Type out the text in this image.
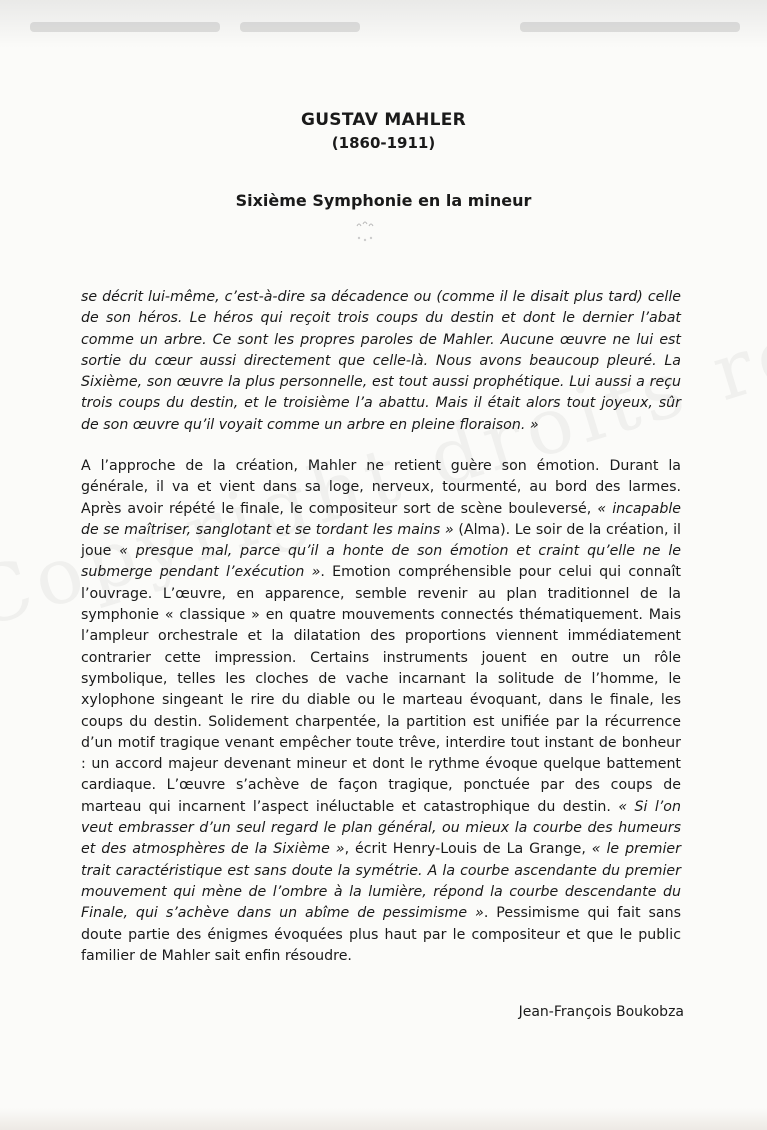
GUSTAV MAHLER
(1860-1911)
Sixième Symphonie en la mineur
se décrit lui-même, c’est-à-dire sa décadence ou (comme il le disait plus tard) celle de son héros. Le héros qui reçoit trois coups du destin et dont le dernier l’abat comme un arbre. Ce sont les propres paroles de Mahler. Aucune œuvre ne lui est sortie du cœur aussi directement que celle-là. Nous avons beaucoup pleuré. La Sixième, son œuvre la plus personnelle, est tout aussi prophétique. Lui aussi a reçu trois coups du destin, et le troisième l’a abattu. Mais il était alors tout joyeux, sûr de son œuvre qu’il voyait comme un arbre en pleine floraison. »
A l’approche de la création, Mahler ne retient guère son émotion. Durant la générale, il va et vient dans sa loge, nerveux, tourmenté, au bord des larmes. Après avoir répété le finale, le compositeur sort de scène bouleversé, « incapable de se maîtriser, sanglotant et se tordant les mains » (Alma). Le soir de la création, il joue « presque mal, parce qu’il a honte de son émotion et craint qu’elle ne le submerge pendant l’exécution ». Emotion compréhensible pour celui qui connaît l’ouvrage. L’œuvre, en apparence, semble revenir au plan traditionnel de la symphonie « classique » en quatre mouvements connectés thématiquement. Mais l’ampleur orchestrale et la dilatation des proportions viennent immédiatement contrarier cette impression. Certains instruments jouent en outre un rôle symbolique, telles les cloches de vache incarnant la solitude de l’homme, le xylophone singeant le rire du diable ou le marteau évoquant, dans le finale, les coups du destin. Solidement charpentée, la partition est unifiée par la récurrence d’un motif tragique venant empêcher toute trêve, interdire tout instant de bonheur : un accord majeur devenant mineur et dont le rythme évoque quelque battement cardiaque. L’œuvre s’achève de façon tragique, ponctuée par des coups de marteau qui incarnent l’aspect inéluctable et catastrophique du destin. « Si l’on veut embrasser d’un seul regard le plan général, ou mieux la courbe des humeurs et des atmosphères de la Sixième », écrit Henry-Louis de La Grange, « le premier trait caractéristique est sans doute la symétrie. A la courbe ascendante du premier mouvement qui mène de l’ombre à la lumière, répond la courbe descendante du Finale, qui s’achève dans un abîme de pessimisme ». Pessimisme qui fait sans doute partie des énigmes évoquées plus haut par le compositeur et que le public familier de Mahler sait enfin résoudre.
Jean-François Boukobza
